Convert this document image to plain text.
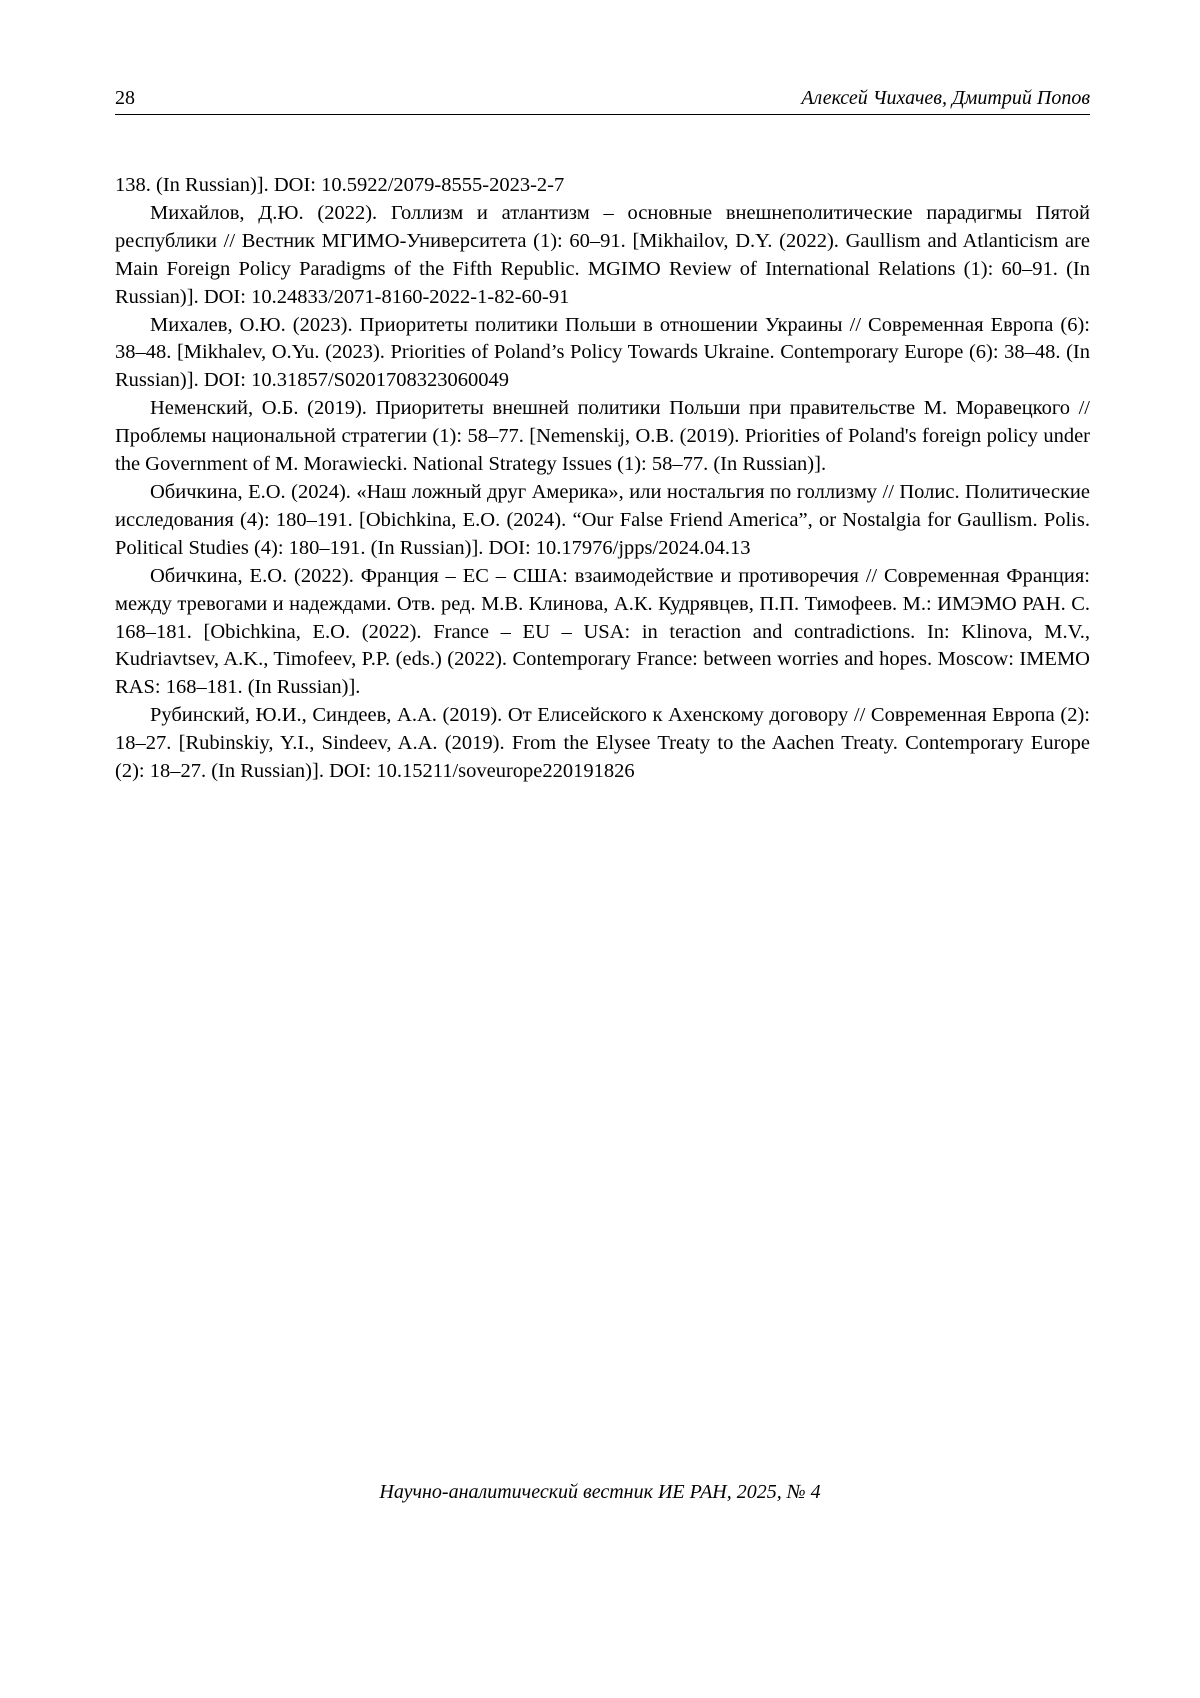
28	Алексей Чихачев, Дмитрий Попов

138. (In Russian)]. DOI: 10.5922/2079-8555-2023-2-7

Михайлов, Д.Ю. (2022). Голлизм и атлантизм – основные внешнеполитические парадигмы Пятой республики // Вестник МГИМО-Университета (1): 60–91. [Mikhailov, D.Y. (2022). Gaullism and Atlanticism are Main Foreign Policy Paradigms of the Fifth Republic. MGIMO Review of International Relations (1): 60–91. (In Russian)]. DOI: 10.24833/2071-8160-2022-1-82-60-91

Михалев, О.Ю. (2023). Приоритеты политики Польши в отношении Украины // Современная Европа (6): 38–48. [Mikhalev, O.Yu. (2023). Priorities of Poland’s Policy Towards Ukraine. Contemporary Europe (6): 38–48. (In Russian)]. DOI: 10.31857/S0201708323060049

Неменский, О.Б. (2019). Приоритеты внешней политики Польши при правительстве М. Моравецкого // Проблемы национальной стратегии (1): 58–77. [Nemenskij, O.B. (2019). Priorities of Poland's foreign policy under the Government of M. Morawiecki. National Strategy Issues (1): 58–77. (In Russian)].

Обичкина, Е.О. (2024). «Наш ложный друг Америка», или ностальгия по голлизму // Полис. Политические исследования (4): 180–191. [Obichkina, E.O. (2024). “Our False Friend America”, or Nostalgia for Gaullism. Polis. Political Studies (4): 180–191. (In Russian)]. DOI: 10.17976/jpps/2024.04.13

Обичкина, Е.О. (2022). Франция – ЕС – США: взаимодействие и противоречия // Современная Франция: между тревогами и надеждами. Отв. ред. М.В. Клинова, А.К. Кудрявцев, П.П. Тимофеев. М.: ИМЭМО РАН. С. 168–181. [Obichkina, E.O. (2022). France – EU – USA: in teraction and contradictions. In: Klinova, M.V., Kudriavtsev, A.K., Timofeev, P.P. (eds.) (2022). Contemporary France: between worries and hopes. Moscow: IMEMO RAS: 168–181. (In Russian)].

Рубинский, Ю.И., Синдеев, А.А. (2019). От Елисейского к Ахенскому договору // Современная Европа (2): 18–27. [Rubinskiy, Y.I., Sindeev, A.A. (2019). From the Elysee Treaty to the Aachen Treaty. Contemporary Europe (2): 18–27. (In Russian)]. DOI: 10.15211/soveurope220191826

Научно-аналитический вестник ИЕ РАН, 2025, № 4
